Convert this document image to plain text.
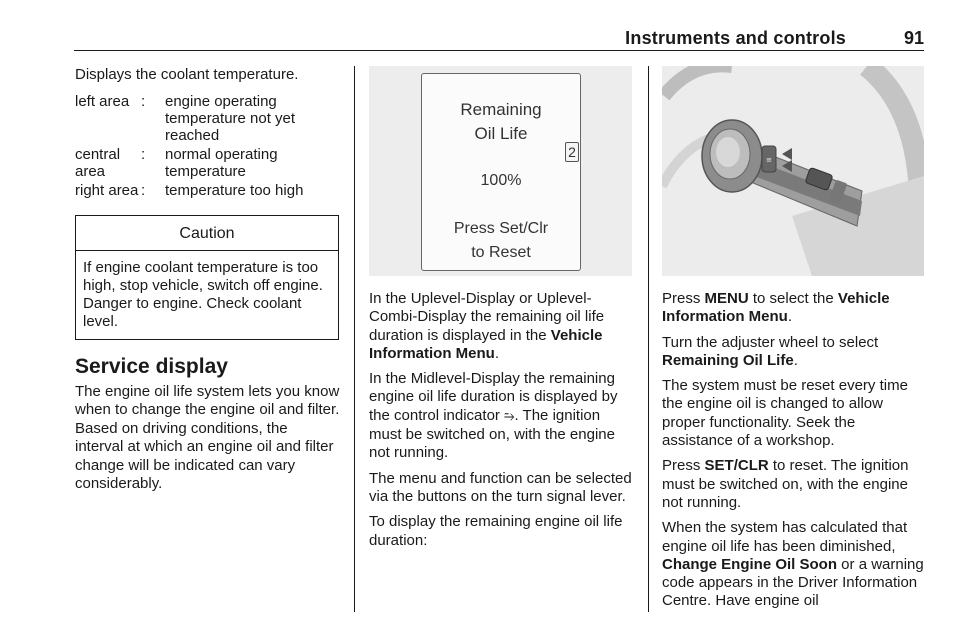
Instruments and controls	91

Displays the coolant temperature.

left area	:	engine operating temperature not yet reached
central area	:	normal operating temperature
right area	:	temperature too high
Caution
If engine coolant temperature is too high, stop vehicle, switch off engine. Danger to engine. Check coolant level.
Service display

The engine oil life system lets you know when to change the engine oil and filter. Based on driving conditions, the interval at which an engine oil and filter change will be indicated can vary considerably.

Remaining
Oil Life
100%
Press Set/Clr
to Reset
2

In the Uplevel-Display or Uplevel-Combi-Display the remaining oil life duration is displayed in the Vehicle Information Menu.

In the Midlevel-Display the remaining engine oil life duration is displayed by the control indicator ⥲. The ignition must be switched on, with the engine not running.

The menu and function can be selected via the buttons on the turn signal lever.

To display the remaining engine oil life duration:

≡

Press MENU to select the Vehicle Information Menu.

Turn the adjuster wheel to select Remaining Oil Life.

The system must be reset every time the engine oil is changed to allow proper functionality. Seek the assistance of a workshop.

Press SET/CLR to reset. The ignition must be switched on, with the engine not running.

When the system has calculated that engine oil life has been diminished, Change Engine Oil Soon or a warning code appears in the Driver Information Centre. Have engine oil
